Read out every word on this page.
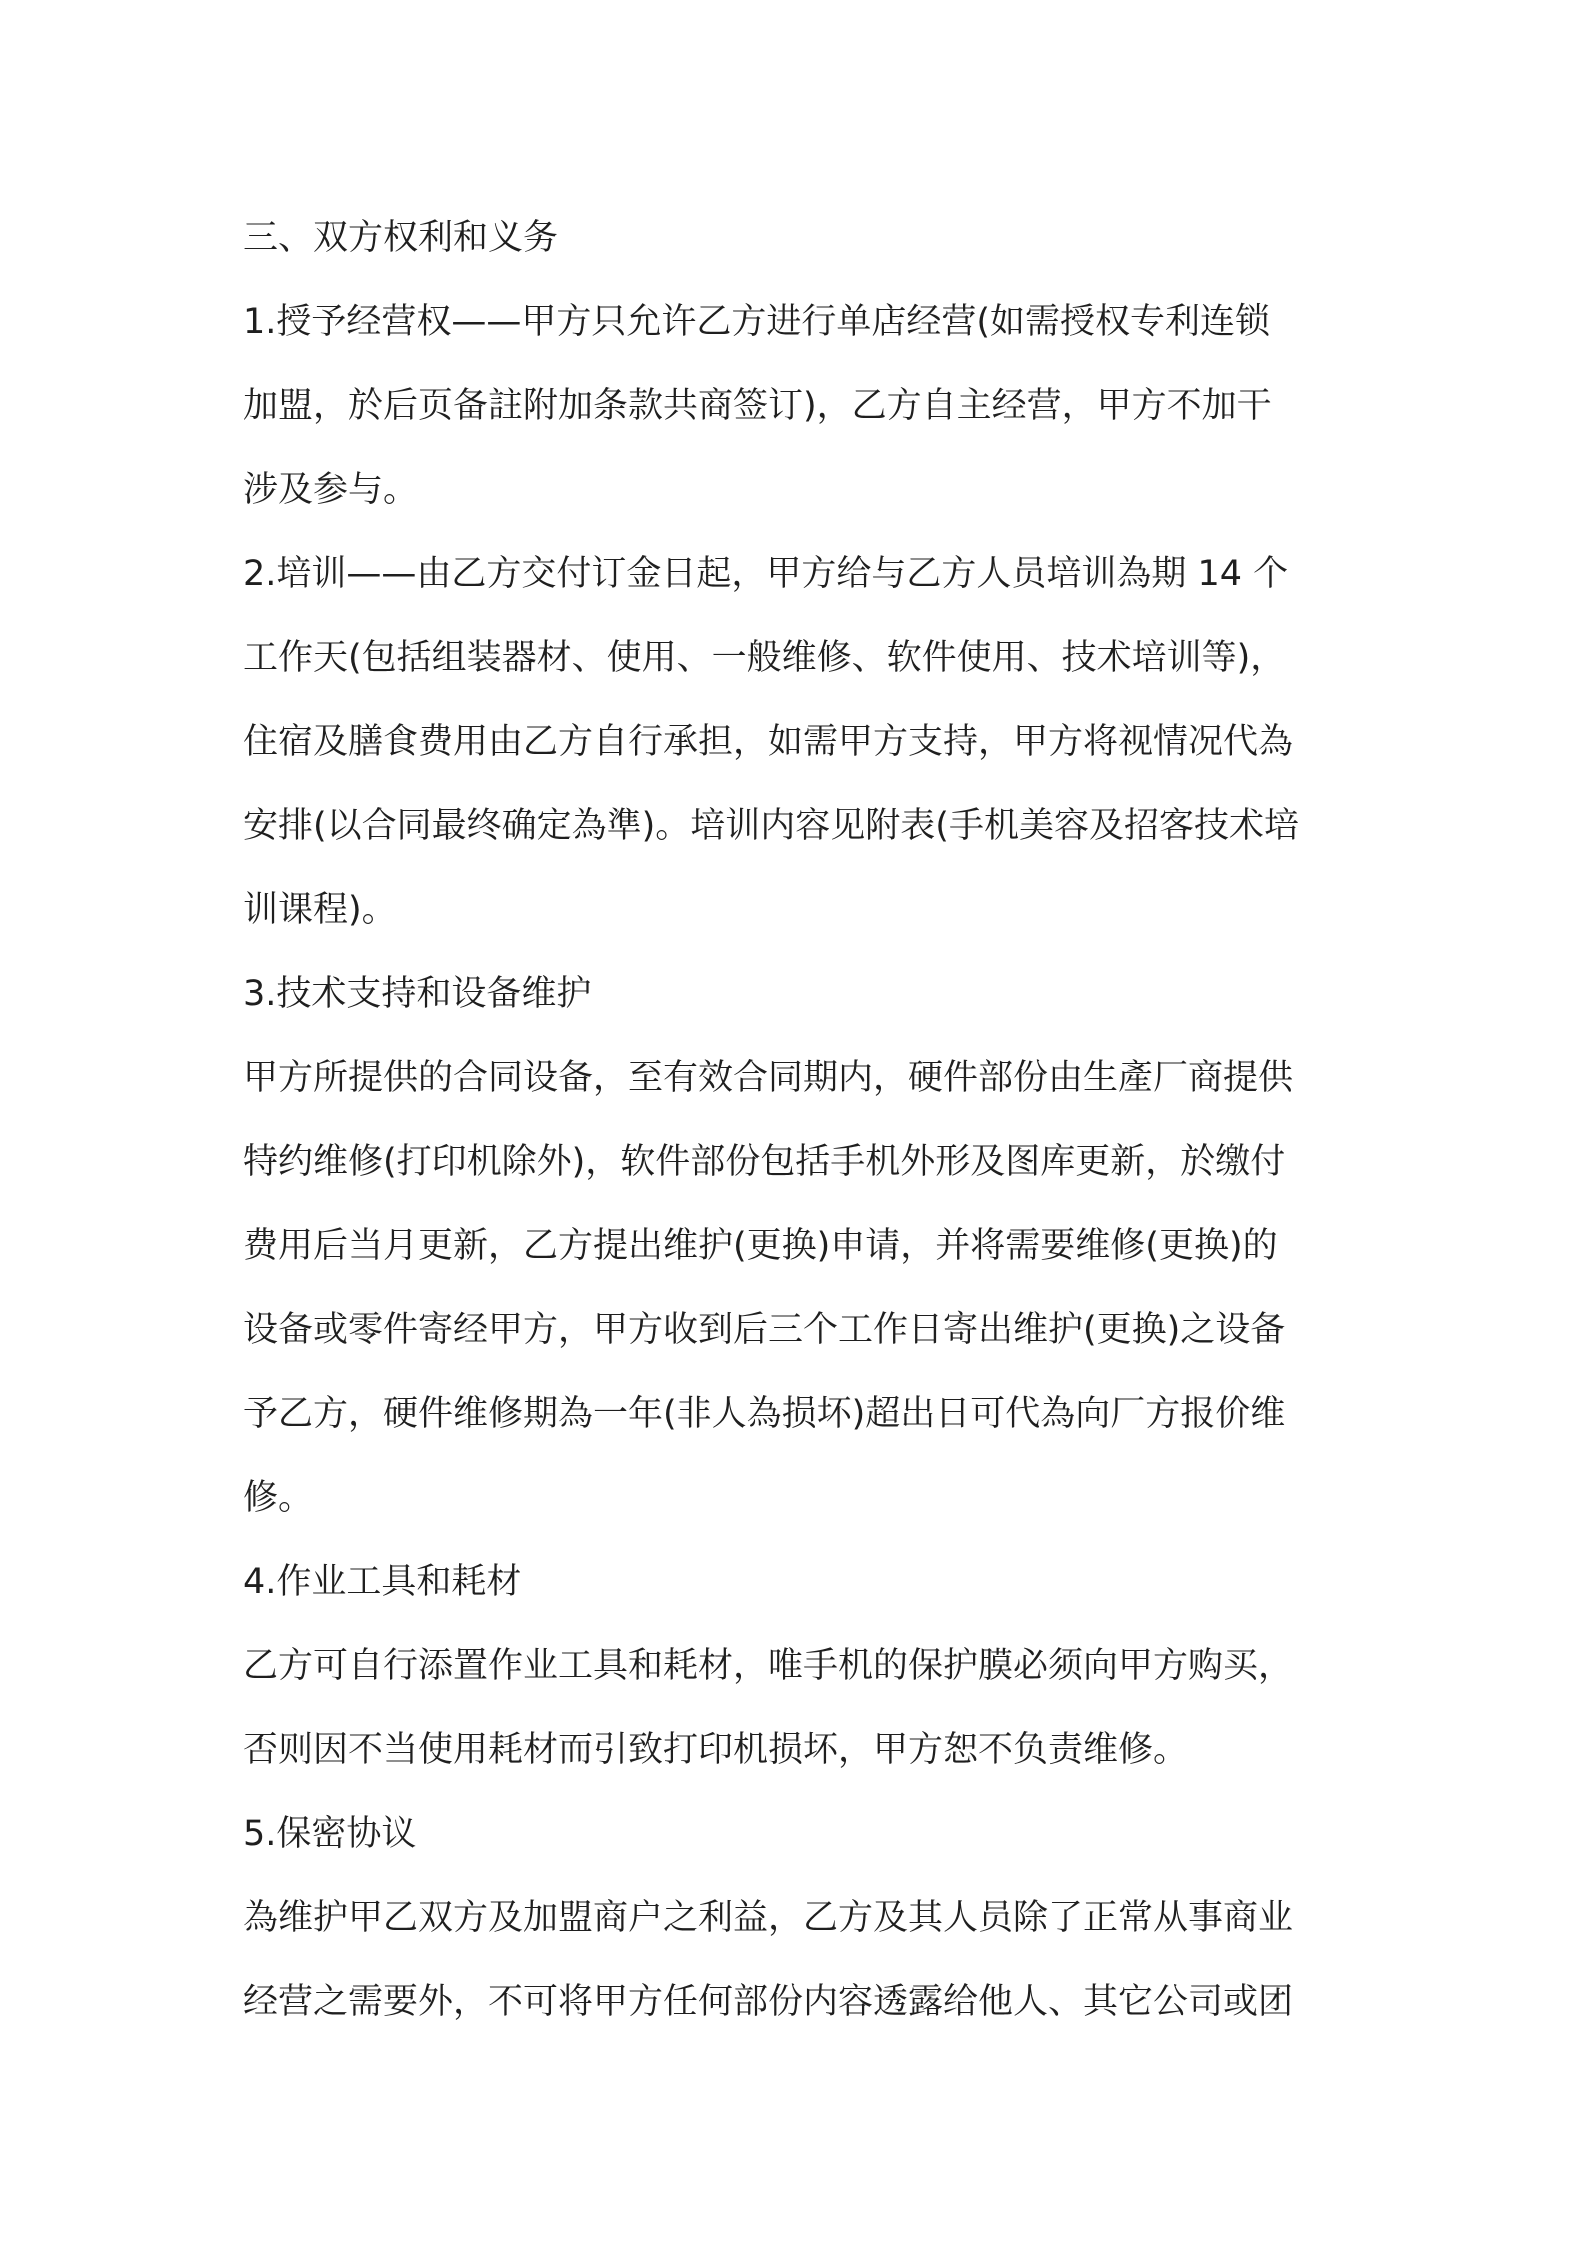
三、双方权利和义务
1.授予经营权——甲方只允许乙方进行单店经营(如需授权专利连锁
加盟，於后页备註附加条款共商签订)，乙方自主经营，甲方不加干
涉及参与。
2.培训——由乙方交付订金日起，甲方给与乙方人员培训為期 14 个
工作天(包括组装器材、使用、一般维修、软件使用、技术培训等)，
住宿及膳食费用由乙方自行承担，如需甲方支持，甲方将视情况代為
安排(以合同最终确定為準)。培训内容见附表(手机美容及招客技术培
训课程)。
3.技术支持和设备维护
甲方所提供的合同设备，至有效合同期内，硬件部份由生產厂商提供
特约维修(打印机除外)，软件部份包括手机外形及图库更新，於缴付
费用后当月更新，乙方提出维护(更换)申请，并将需要维修(更换)的
设备或零件寄经甲方，甲方收到后三个工作日寄出维护(更换)之设备
予乙方，硬件维修期為一年(非人為损坏)超出日可代為向厂方报价维
修。
4.作业工具和耗材
乙方可自行添置作业工具和耗材，唯手机的保护膜必须向甲方购买，
否则因不当使用耗材而引致打印机损坏，甲方恕不负责维修。
5.保密协议
為维护甲乙双方及加盟商户之利益，乙方及其人员除了正常从事商业
经营之需要外，不可将甲方任何部份内容透露给他人、其它公司或团
